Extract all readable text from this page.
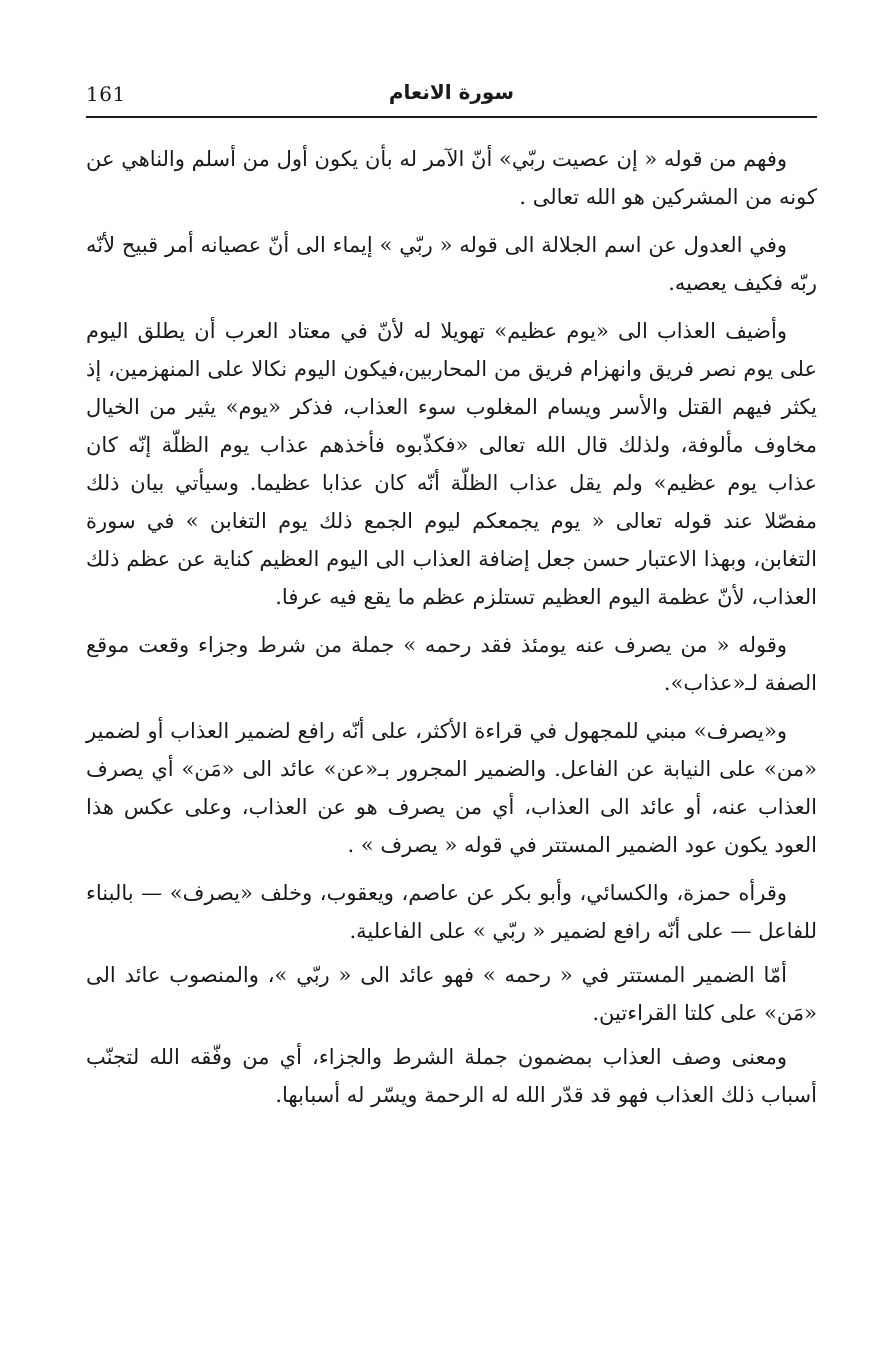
161	سورة الانعام

وفهم من قوله « إن عصيت ربّي» أنّ الآمر له بأن يكون أول من أسلم والناهي عن كونه من المشركين هو الله تعالى .

وفي العدول عن اسم الجلالة الى قوله « ربّي » إيماء الى أنّ عصيانه أمر قبيح لأنّه ربّه فكيف يعصيه.

وأضيف العذاب الى «يوم عظيم» تهويلا له لأنّ في معتاد العرب أن يطلق اليوم على يوم نصر فريق وانهزام فريق من المحاربين،فيكون اليوم نكالا على المنهزمين، إذ يكثر فيهم القتل والأسر ويسام المغلوب سوء العذاب، فذكر «يوم» يثير من الخيال مخاوف مألوفة، ولذلك قال الله تعالى «فكذّبوه فأخذهم عذاب يوم الظلّة إنّه كان عذاب يوم عظيم» ولم يقل عذاب الظلّة أنّه كان عذابا عظيما. وسيأتي بيان ذلك مفصّلا عند قوله تعالى « يوم يجمعكم ليوم الجمع ذلك يوم التغابن » في سورة التغابن، وبهذا الاعتبار حسن جعل إضافة العذاب الى اليوم العظيم كناية عن عظم ذلك العذاب، لأنّ عظمة اليوم العظيم تستلزم عظم ما يقع فيه عرفا.

وقوله « من يصرف عنه يومئذ فقد رحمه » جملة من شرط وجزاء وقعت موقع الصفة لـ«عذاب».

و«يصرف» مبني للمجهول في قراءة الأكثر، على أنّه رافع لضمير العذاب أو لضمير «من» على النيابة عن الفاعل. والضمير المجرور بـ«عن» عائد الى «مَن» أي يصرف العذاب عنه، أو عائد الى العذاب، أي من يصرف هو عن العذاب، وعلى عكس هذا العود يكون عود الضمير المستتر في قوله « يصرف » .

وقرأه حمزة، والكسائي، وأبو بكر عن عاصم، ويعقوب، وخلف «يصرف» — بالبناء للفاعل — على أنّه رافع لضمير « ربّي » على الفاعلية.

أمّا الضمير المستتر في « رحمه » فهو عائد الى « ربّي »، والمنصوب عائد الى «مَن» على كلتا القراءتين.

ومعنى وصف العذاب بمضمون جملة الشرط والجزاء، أي من وفّقه الله لتجنّب أسباب ذلك العذاب فهو قد قدّر الله له الرحمة ويسّر له أسبابها.
